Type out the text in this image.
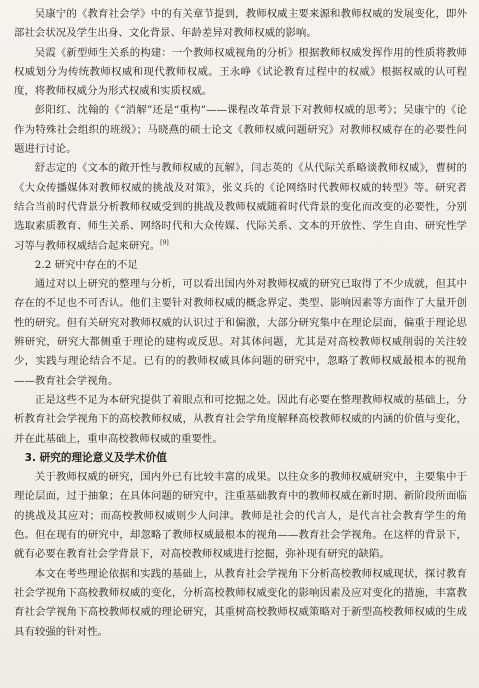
吴康宁的《教育社会学》中的有关章节提到，教师权威主要来源和教师权威的发展变化，即外部社会状况及学生出身、文化背景、年龄差异对教师权威的影响。

吴霞《新型师生关系的构建：一个教师权威视角的分析》根据教师权威发挥作用的性质将教师权威划分为传统教师权威和现代教师权威。王永峥《试论教育过程中的权威》根据权威的认可程度，将教师权威分为形式权威和实质权威。

彭阳红、沈翰的《“消解”还是“重构”——课程改革背景下对教师权威的思考》；吴康宁的《论作为特殊社会组织的班级》；马晓燕的硕士论文《教师权威问题研究》对教师权威存在的必要性问题进行讨论。

舒志定的《文本的敞开性与教师权威的瓦解》，闫志英的《从代际关系略谈教师权威》，曹树的《大众传播媒体对教师权威的挑战及对策》，张义兵的《论网络时代教师权威的转型》等。研究者结合当前时代背景分析教师权威受到的挑战及教师权威随着时代背景的变化而改变的必要性，分别选取素质教育、师生关系、网络时代和大众传媒、代际关系、文本的开放性、学生自由、研究性学习等与教师权威结合起来研究。[9]

2.2 研究中存在的不足

通过对以上研究的整理与分析，可以看出国内外对教师权威的研究已取得了不少成就，但其中存在的不足也不可否认。他们主要针对教师权威的概念界定、类型、影响因素等方面作了大量开创性的研究。但有关研究对教师权威的认识过于和偏激，大部分研究集中在理论层面，偏重于理论思辨研究，研究大都侧重于理论的建构或反思。对其体问题，尤其是对高校教师权威削弱的关注较少，实践与理论结合不足。已有的的教师权威具体问题的研究中，忽略了教师权威最根本的视角——教育社会学视角。

正是这些不足为本研究提供了着眼点和可挖掘之处。因此有必要在整理教师权威的基础上，分析教育社会学视角下的高校教师权威，从教育社会学角度解释高校教师权威的内涵的价值与变化，并在此基础上，重申高校教师权威的重要性。

3. 研究的理论意义及学术价值

关于教师权威的研究，国内外已有比较丰富的成果。以往众多的教师权威研究中，主要集中于理论层面，过于抽象；在具体问题的研究中，注重基础教育中的教师权威在新时期、新阶段所面临的挑战及其应对；而高校教师权威则少人问津。教师是社会的代言人，是代言社会教育学生的角色。但在现有的研究中，却忽略了教师权威最根本的视角——教育社会学视角。在这样的背景下，就有必要在教育社会学背景下，对高校教师权威进行挖掘，弥补现有研究的缺陷。

本文在考些理论依据和实践的基础上，从教育社会学视角下分析高校教师权威现状，探讨教育社会学视角下高校教师权威的变化，分析高校教师权威变化的影响因素及应对变化的措施，丰富教育社会学视角下高校教师权威的理论研究，其重树高校教师权威策略对于新型高校教师权威的生成具有较强的针对性。
